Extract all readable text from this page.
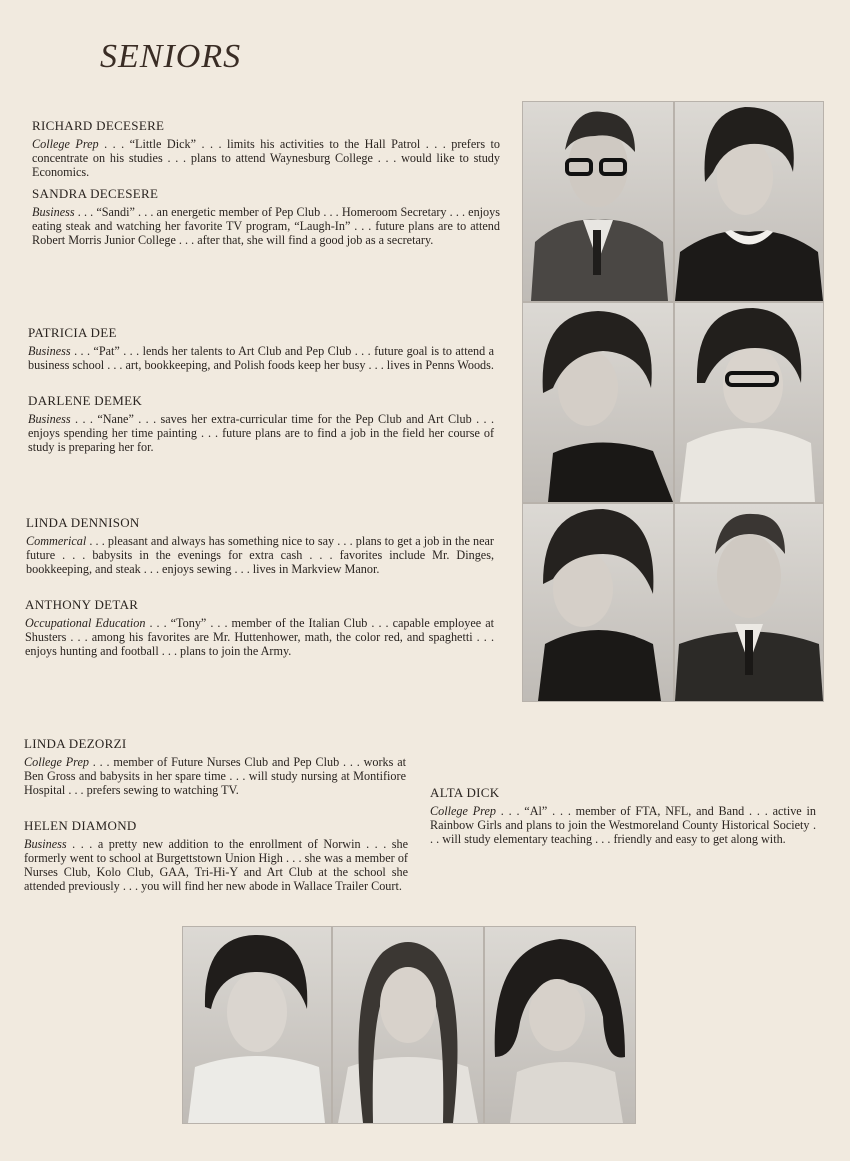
SENIORS
RICHARD DECESERE
College Prep . . . “Little Dick” . . . limits his activities to the Hall Patrol . . . prefers to concentrate on his studies . . . plans to attend Waynesburg College . . . would like to study Economics.
SANDRA DECESERE
Business . . . “Sandi” . . . an energetic member of Pep Club . . . Homeroom Secretary . . . enjoys eating steak and watching her favorite TV program, “Laugh-In” . . . future plans are to attend Robert Morris Junior College . . . after that, she will find a good job as a secretary.
PATRICIA DEE
Business . . . “Pat” . . . lends her talents to Art Club and Pep Club . . . future goal is to attend a business school . . . art, bookkeeping, and Polish foods keep her busy . . . lives in Penns Woods.
DARLENE DEMEK
Business . . . “Nane” . . . saves her extra-curricular time for the Pep Club and Art Club . . . enjoys spending her time painting . . . future plans are to find a job in the field her course of study is preparing her for.
LINDA DENNISON
Commerical . . . pleasant and always has something nice to say . . . plans to get a job in the near future . . . babysits in the evenings for extra cash . . . favorites include Mr. Dinges, bookkeeping, and steak . . . enjoys sewing . . . lives in Markview Manor.
ANTHONY DETAR
Occupational Education . . . “Tony” . . . member of the Italian Club . . . capable employee at Shusters . . . among his favorites are Mr. Huttenhower, math, the color red, and spaghetti . . . enjoys hunting and football . . . plans to join the Army.
LINDA DEZORZI
College Prep . . . member of Future Nurses Club and Pep Club . . . works at Ben Gross and babysits in her spare time . . . will study nursing at Montifiore Hospital . . . prefers sewing to watching TV.
HELEN DIAMOND
Business . . . a pretty new addition to the enrollment of Norwin . . . she formerly went to school at Burgettstown Union High . . . she was a member of Nurses Club, Kolo Club, GAA, Tri-Hi-Y and Art Club at the school she attended previously . . . you will find her new abode in Wallace Trailer Court.
ALTA DICK
College Prep . . . “Al” . . . member of FTA, NFL, and Band . . . active in Rainbow Girls and plans to join the Westmoreland County Historical Society . . . will study elementary teaching . . . friendly and easy to get along with.
